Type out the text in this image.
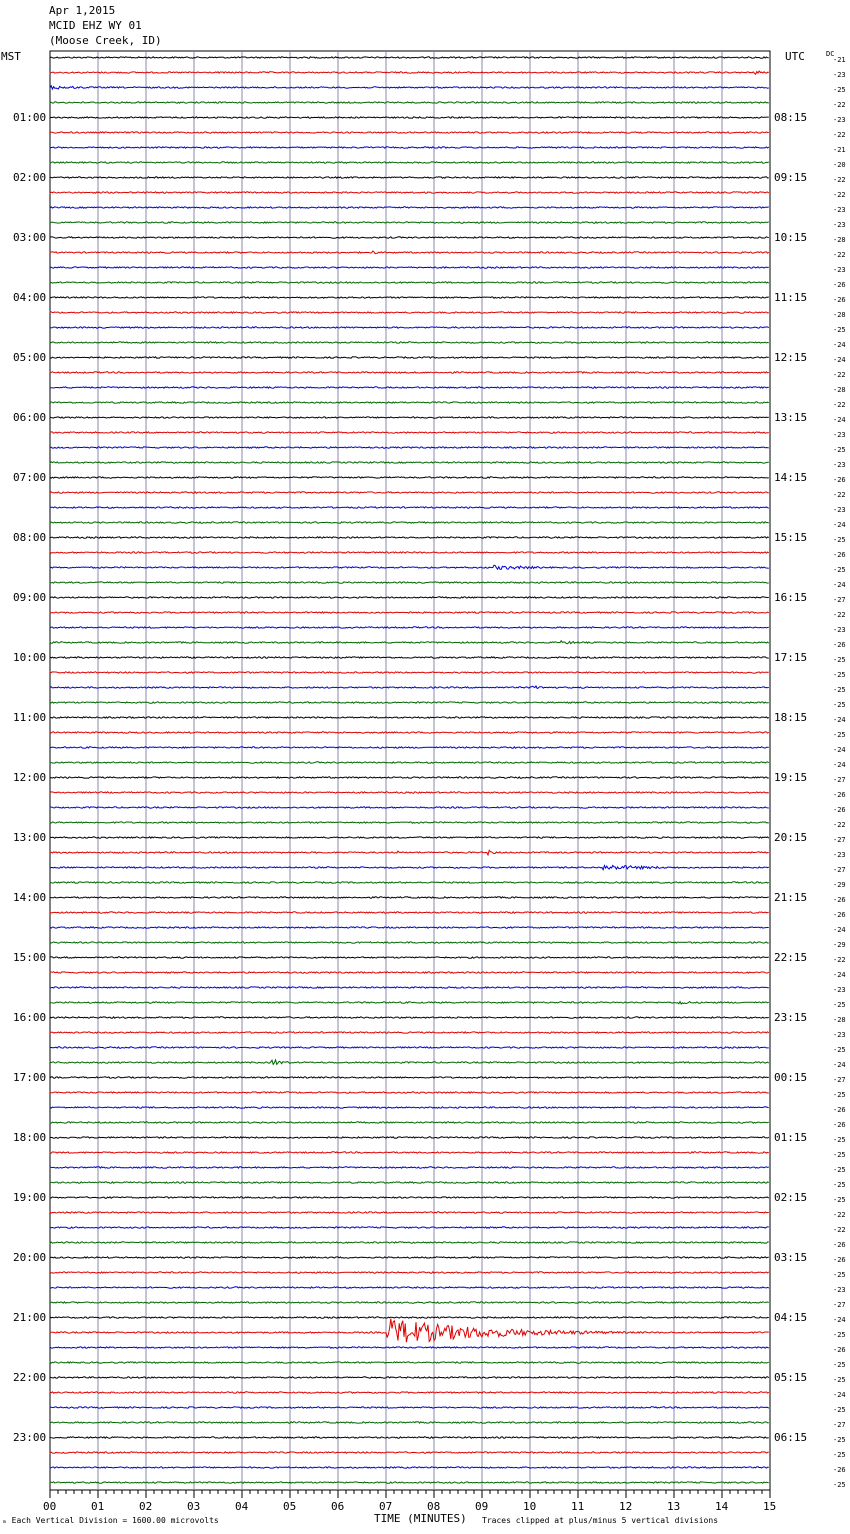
Apr 1,2015
MCID EHZ WY 01
(Moose Creek, ID)
MST	UTC	DC
00	01	02	03	04	05	06	07	08	09	10	11	12	13	14	15
01:00
02:00
03:00
04:00
05:00
06:00
07:00
08:00
09:00
10:00
11:00
12:00
13:00
14:00
15:00
16:00
17:00
18:00
19:00
20:00
21:00
22:00
23:00
08:15
09:15
10:15
11:15
12:15
13:15
14:15
15:15
16:15
17:15
18:15
19:15
20:15
21:15
22:15
23:15
00:15
01:15
02:15
03:15
04:15
05:15
06:15
-21
-23
-25
-22
-23
-22
-21
-20
-22
-22
-23
-23
-28
-22
-23
-26
-26
-28
-25
-24
-24
-22
-28
-22
-24
-23
-25
-23
-26
-22
-23
-24
-25
-26
-25
-24
-27
-22
-23
-26
-25
-25
-25
-25
-24
-25
-24
-24
-27
-26
-26
-22
-27
-23
-27
-29
-26
-26
-24
-29
-22
-24
-23
-25
-28
-23
-25
-24
-27
-25
-26
-26
-25
-25
-25
-25
-25
-22
-22
-26
-26
-25
-23
-27
-24
-25
-26
-25
-25
-24
-25
-27
-25
-25
-26
-25
ₘ Each Vertical Division = 1600.00 microvolts	TIME (MINUTES) Traces clipped at plus/minus 5 vertical divisions
